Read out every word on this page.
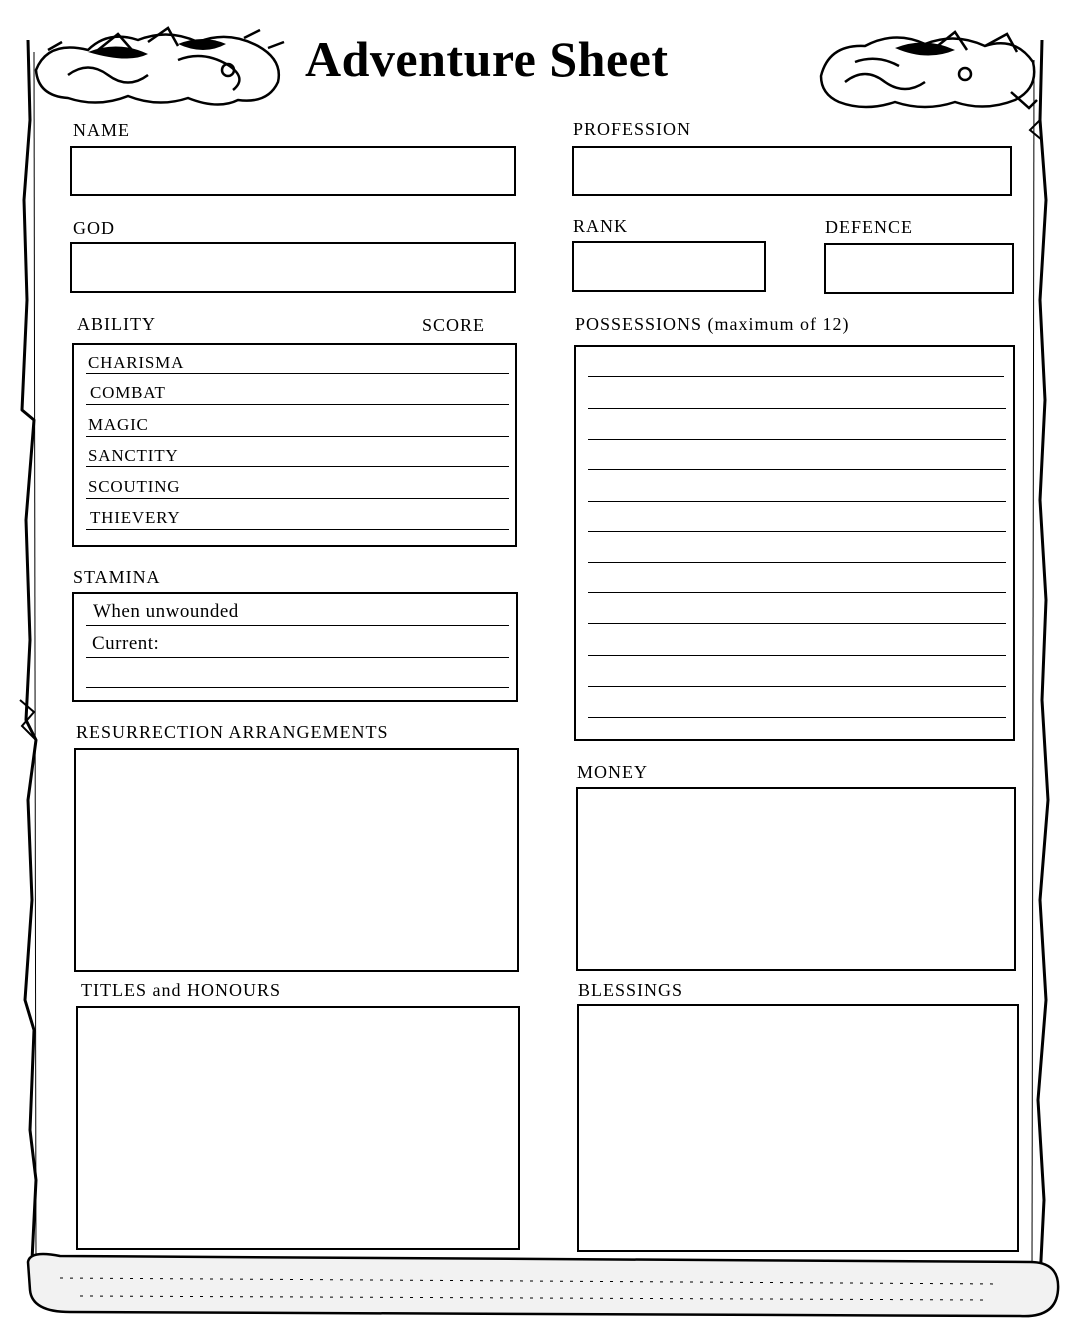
Adventure Sheet
NAME	PROFESSION
GOD	RANK	DEFENCE
ABILITY	SCORE
CHARISMA
COMBAT
MAGIC
SANCTITY
SCOUTING
THIEVERY
STAMINA
When unwounded
Current:
POSSESSIONS (maximum of 12)
RESURRECTION ARRANGEMENTS
MONEY
TITLES and HONOURS	BLESSINGS
